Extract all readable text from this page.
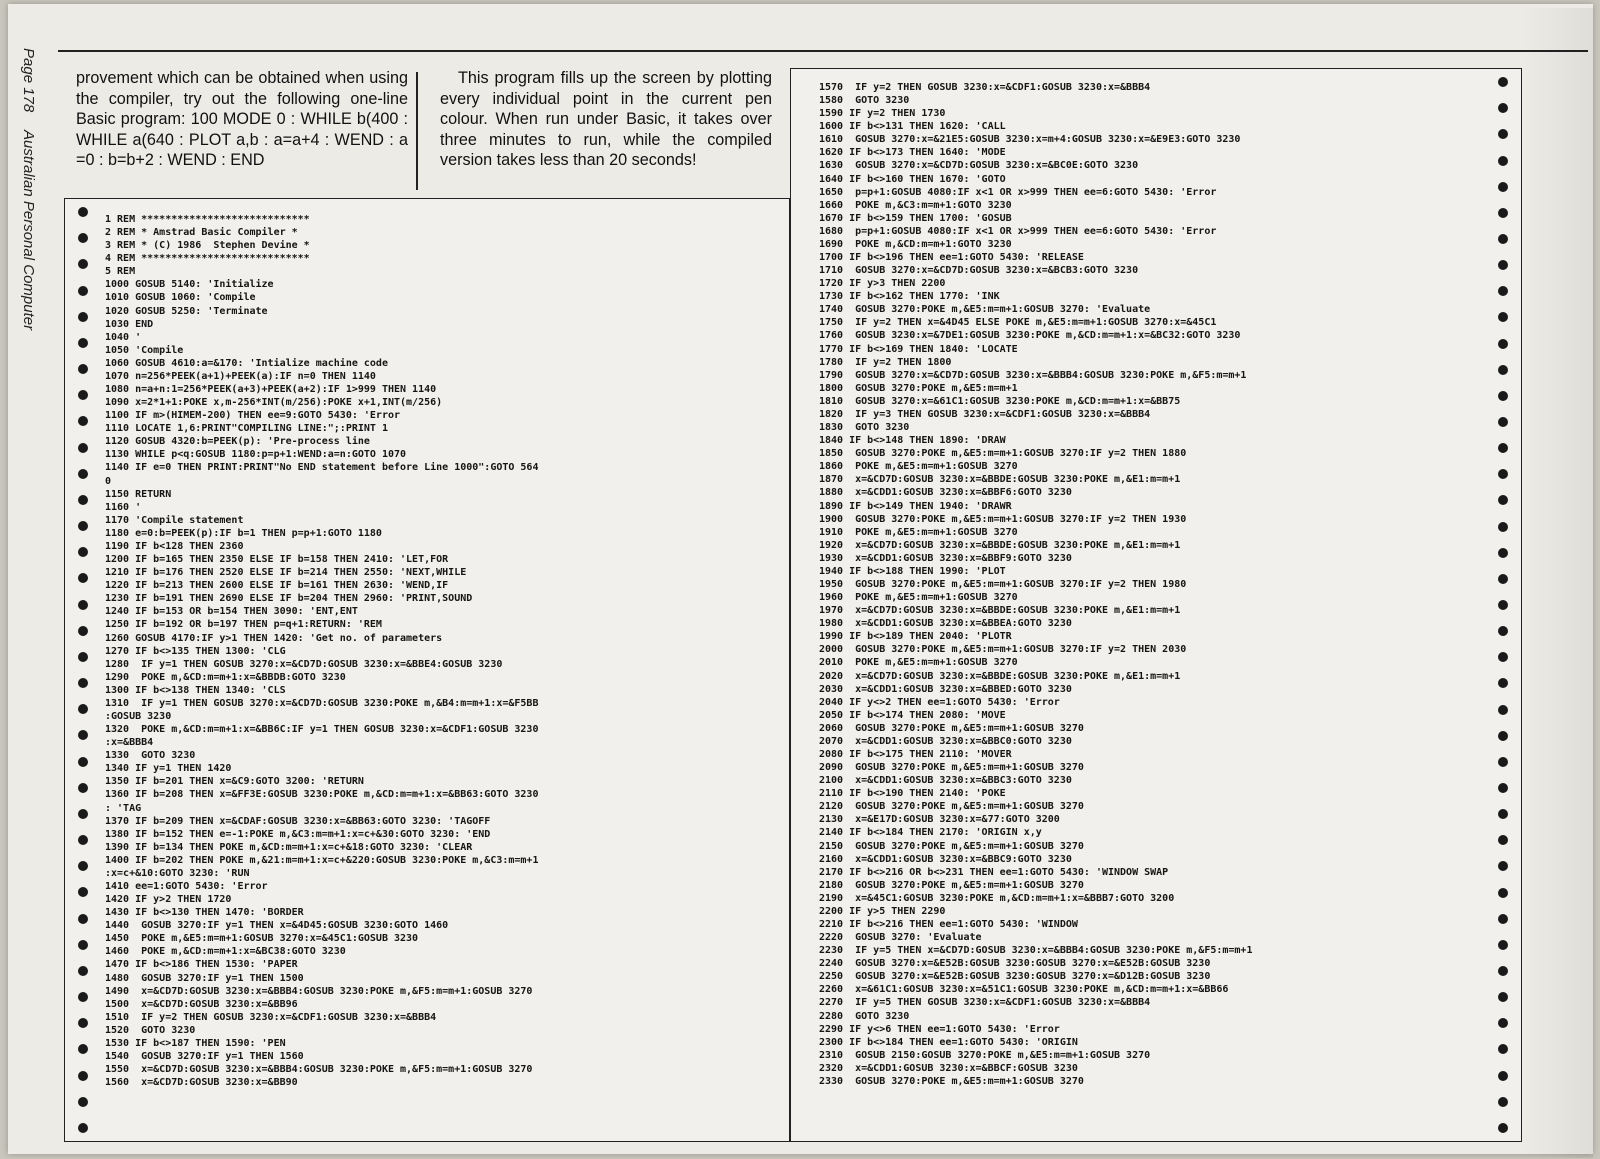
Page 178 Australian Personal Computer

provement which can be obtained when using the compiler, try out the following one-line Basic program: 100 MODE 0 : WHILE b(400 : WHILE a(640 : PLOT a,b : a=a+4 : WEND : a =0 : b=b+2 : WEND : END

This program fills up the screen by plotting every individual point in the current pen colour. When run under Basic, it takes over three minutes to run, while the compiled version takes less than 20 seconds!

1 REM ****************************
2 REM * Amstrad Basic Compiler *
3 REM * (C) 1986  Stephen Devine *
4 REM ****************************
5 REM
1000 GOSUB 5140: 'Initialize
1010 GOSUB 1060: 'Compile
1020 GOSUB 5250: 'Terminate
1030 END
1040 '
1050 'Compile
1060 GOSUB 4610:a=&170: 'Intialize machine code
1070 n=256*PEEK(a+1)+PEEK(a):IF n=0 THEN 1140
1080 n=a+n:1=256*PEEK(a+3)+PEEK(a+2):IF 1>999 THEN 1140
1090 x=2*1+1:POKE x,m-256*INT(m/256):POKE x+1,INT(m/256)
1100 IF m>(HIMEM-200) THEN ee=9:GOTO 5430: 'Error
1110 LOCATE 1,6:PRINT"COMPILING LINE:";:PRINT 1
1120 GOSUB 4320:b=PEEK(p): 'Pre-process line
1130 WHILE p<q:GOSUB 1180:p=p+1:WEND:a=n:GOTO 1070
1140 IF e=0 THEN PRINT:PRINT"No END statement before Line 1000":GOTO 564
0
1150 RETURN
1160 '
1170 'Compile statement
1180 e=0:b=PEEK(p):IF b=1 THEN p=p+1:GOTO 1180
1190 IF b<128 THEN 2360
1200 IF b=165 THEN 2350 ELSE IF b=158 THEN 2410: 'LET,FOR
1210 IF b=176 THEN 2520 ELSE IF b=214 THEN 2550: 'NEXT,WHILE
1220 IF b=213 THEN 2600 ELSE IF b=161 THEN 2630: 'WEND,IF
1230 IF b=191 THEN 2690 ELSE IF b=204 THEN 2960: 'PRINT,SOUND
1240 IF b=153 OR b=154 THEN 3090: 'ENT,ENT
1250 IF b=192 OR b=197 THEN p=q+1:RETURN: 'REM
1260 GOSUB 4170:IF y>1 THEN 1420: 'Get no. of parameters
1270 IF b<>135 THEN 1300: 'CLG
1280  IF y=1 THEN GOSUB 3270:x=&CD7D:GOSUB 3230:x=&BBE4:GOSUB 3230
1290  POKE m,&CD:m=m+1:x=&BBDB:GOTO 3230
1300 IF b<>138 THEN 1340: 'CLS
1310  IF y=1 THEN GOSUB 3270:x=&CD7D:GOSUB 3230:POKE m,&B4:m=m+1:x=&F5BB
:GOSUB 3230
1320  POKE m,&CD:m=m+1:x=&BB6C:IF y=1 THEN GOSUB 3230:x=&CDF1:GOSUB 3230
:x=&BBB4
1330  GOTO 3230
1340 IF y=1 THEN 1420
1350 IF b=201 THEN x=&C9:GOTO 3200: 'RETURN
1360 IF b=208 THEN x=&FF3E:GOSUB 3230:POKE m,&CD:m=m+1:x=&BB63:GOTO 3230
: 'TAG
1370 IF b=209 THEN x=&CDAF:GOSUB 3230:x=&BB63:GOTO 3230: 'TAGOFF
1380 IF b=152 THEN e=-1:POKE m,&C3:m=m+1:x=c+&30:GOTO 3230: 'END
1390 IF b=134 THEN POKE m,&CD:m=m+1:x=c+&18:GOTO 3230: 'CLEAR
1400 IF b=202 THEN POKE m,&21:m=m+1:x=c+&220:GOSUB 3230:POKE m,&C3:m=m+1
:x=c+&10:GOTO 3230: 'RUN
1410 ee=1:GOTO 5430: 'Error
1420 IF y>2 THEN 1720
1430 IF b<>130 THEN 1470: 'BORDER
1440  GOSUB 3270:IF y=1 THEN x=&4D45:GOSUB 3230:GOTO 1460
1450  POKE m,&E5:m=m+1:GOSUB 3270:x=&45C1:GOSUB 3230
1460  POKE m,&CD:m=m+1:x=&BC38:GOTO 3230
1470 IF b<>186 THEN 1530: 'PAPER
1480  GOSUB 3270:IF y=1 THEN 1500
1490  x=&CD7D:GOSUB 3230:x=&BBB4:GOSUB 3230:POKE m,&F5:m=m+1:GOSUB 3270
1500  x=&CD7D:GOSUB 3230:x=&BB96
1510  IF y=2 THEN GOSUB 3230:x=&CDF1:GOSUB 3230:x=&BBB4
1520  GOTO 3230
1530 IF b<>187 THEN 1590: 'PEN
1540  GOSUB 3270:IF y=1 THEN 1560
1550  x=&CD7D:GOSUB 3230:x=&BBB4:GOSUB 3230:POKE m,&F5:m=m+1:GOSUB 3270
1560  x=&CD7D:GOSUB 3230:x=&BB90
1570  IF y=2 THEN GOSUB 3230:x=&CDF1:GOSUB 3230:x=&BBB4
1580  GOTO 3230
1590 IF y=2 THEN 1730
1600 IF b<>131 THEN 1620: 'CALL
1610  GOSUB 3270:x=&21E5:GOSUB 3230:x=m+4:GOSUB 3230:x=&E9E3:GOTO 3230
1620 IF b<>173 THEN 1640: 'MODE
1630  GOSUB 3270:x=&CD7D:GOSUB 3230:x=&BC0E:GOTO 3230
1640 IF b<>160 THEN 1670: 'GOTO
1650  p=p+1:GOSUB 4080:IF x<1 OR x>999 THEN ee=6:GOTO 5430: 'Error
1660  POKE m,&C3:m=m+1:GOTO 3230
1670 IF b<>159 THEN 1700: 'GOSUB
1680  p=p+1:GOSUB 4080:IF x<1 OR x>999 THEN ee=6:GOTO 5430: 'Error
1690  POKE m,&CD:m=m+1:GOTO 3230
1700 IF b<>196 THEN ee=1:GOTO 5430: 'RELEASE
1710  GOSUB 3270:x=&CD7D:GOSUB 3230:x=&BCB3:GOTO 3230
1720 IF y>3 THEN 2200
1730 IF b<>162 THEN 1770: 'INK
1740  GOSUB 3270:POKE m,&E5:m=m+1:GOSUB 3270: 'Evaluate
1750  IF y=2 THEN x=&4D45 ELSE POKE m,&E5:m=m+1:GOSUB 3270:x=&45C1
1760  GOSUB 3230:x=&7DE1:GOSUB 3230:POKE m,&CD:m=m+1:x=&BC32:GOTO 3230
1770 IF b<>169 THEN 1840: 'LOCATE
1780  IF y=2 THEN 1800
1790  GOSUB 3270:x=&CD7D:GOSUB 3230:x=&BBB4:GOSUB 3230:POKE m,&F5:m=m+1
1800  GOSUB 3270:POKE m,&E5:m=m+1
1810  GOSUB 3270:x=&61C1:GOSUB 3230:POKE m,&CD:m=m+1:x=&BB75
1820  IF y=3 THEN GOSUB 3230:x=&CDF1:GOSUB 3230:x=&BBB4
1830  GOTO 3230
1840 IF b<>148 THEN 1890: 'DRAW
1850  GOSUB 3270:POKE m,&E5:m=m+1:GOSUB 3270:IF y=2 THEN 1880
1860  POKE m,&E5:m=m+1:GOSUB 3270
1870  x=&CD7D:GOSUB 3230:x=&BBDE:GOSUB 3230:POKE m,&E1:m=m+1
1880  x=&CDD1:GOSUB 3230:x=&BBF6:GOTO 3230
1890 IF b<>149 THEN 1940: 'DRAWR
1900  GOSUB 3270:POKE m,&E5:m=m+1:GOSUB 3270:IF y=2 THEN 1930
1910  POKE m,&E5:m=m+1:GOSUB 3270
1920  x=&CD7D:GOSUB 3230:x=&BBDE:GOSUB 3230:POKE m,&E1:m=m+1
1930  x=&CDD1:GOSUB 3230:x=&BBF9:GOTO 3230
1940 IF b<>188 THEN 1990: 'PLOT
1950  GOSUB 3270:POKE m,&E5:m=m+1:GOSUB 3270:IF y=2 THEN 1980
1960  POKE m,&E5:m=m+1:GOSUB 3270
1970  x=&CD7D:GOSUB 3230:x=&BBDE:GOSUB 3230:POKE m,&E1:m=m+1
1980  x=&CDD1:GOSUB 3230:x=&BBEA:GOTO 3230
1990 IF b<>189 THEN 2040: 'PLOTR
2000  GOSUB 3270:POKE m,&E5:m=m+1:GOSUB 3270:IF y=2 THEN 2030
2010  POKE m,&E5:m=m+1:GOSUB 3270
2020  x=&CD7D:GOSUB 3230:x=&BBDE:GOSUB 3230:POKE m,&E1:m=m+1
2030  x=&CDD1:GOSUB 3230:x=&BBED:GOTO 3230
2040 IF y<>2 THEN ee=1:GOTO 5430: 'Error
2050 IF b<>174 THEN 2080: 'MOVE
2060  GOSUB 3270:POKE m,&E5:m=m+1:GOSUB 3270
2070  x=&CDD1:GOSUB 3230:x=&BBC0:GOTO 3230
2080 IF b<>175 THEN 2110: 'MOVER
2090  GOSUB 3270:POKE m,&E5:m=m+1:GOSUB 3270
2100  x=&CDD1:GOSUB 3230:x=&BBC3:GOTO 3230
2110 IF b<>190 THEN 2140: 'POKE
2120  GOSUB 3270:POKE m,&E5:m=m+1:GOSUB 3270
2130  x=&E17D:GOSUB 3230:x=&77:GOTO 3200
2140 IF b<>184 THEN 2170: 'ORIGIN x,y
2150  GOSUB 3270:POKE m,&E5:m=m+1:GOSUB 3270
2160  x=&CDD1:GOSUB 3230:x=&BBC9:GOTO 3230
2170 IF b<>216 OR b<>231 THEN ee=1:GOTO 5430: 'WINDOW SWAP
2180  GOSUB 3270:POKE m,&E5:m=m+1:GOSUB 3270
2190  x=&45C1:GOSUB 3230:POKE m,&CD:m=m+1:x=&BBB7:GOTO 3200
2200 IF y>5 THEN 2290
2210 IF b<>216 THEN ee=1:GOTO 5430: 'WINDOW
2220  GOSUB 3270: 'Evaluate
2230  IF y=5 THEN x=&CD7D:GOSUB 3230:x=&BBB4:GOSUB 3230:POKE m,&F5:m=m+1
2240  GOSUB 3270:x=&E52B:GOSUB 3230:GOSUB 3270:x=&E52B:GOSUB 3230
2250  GOSUB 3270:x=&E52B:GOSUB 3230:GOSUB 3270:x=&D12B:GOSUB 3230
2260  x=&61C1:GOSUB 3230:x=&51C1:GOSUB 3230:POKE m,&CD:m=m+1:x=&BB66
2270  IF y=5 THEN GOSUB 3230:x=&CDF1:GOSUB 3230:x=&BBB4
2280  GOTO 3230
2290 IF y<>6 THEN ee=1:GOTO 5430: 'Error
2300 IF b<>184 THEN ee=1:GOTO 5430: 'ORIGIN
2310  GOSUB 2150:GOSUB 3270:POKE m,&E5:m=m+1:GOSUB 3270
2320  x=&CDD1:GOSUB 3230:x=&BBCF:GOSUB 3230
2330  GOSUB 3270:POKE m,&E5:m=m+1:GOSUB 3270
